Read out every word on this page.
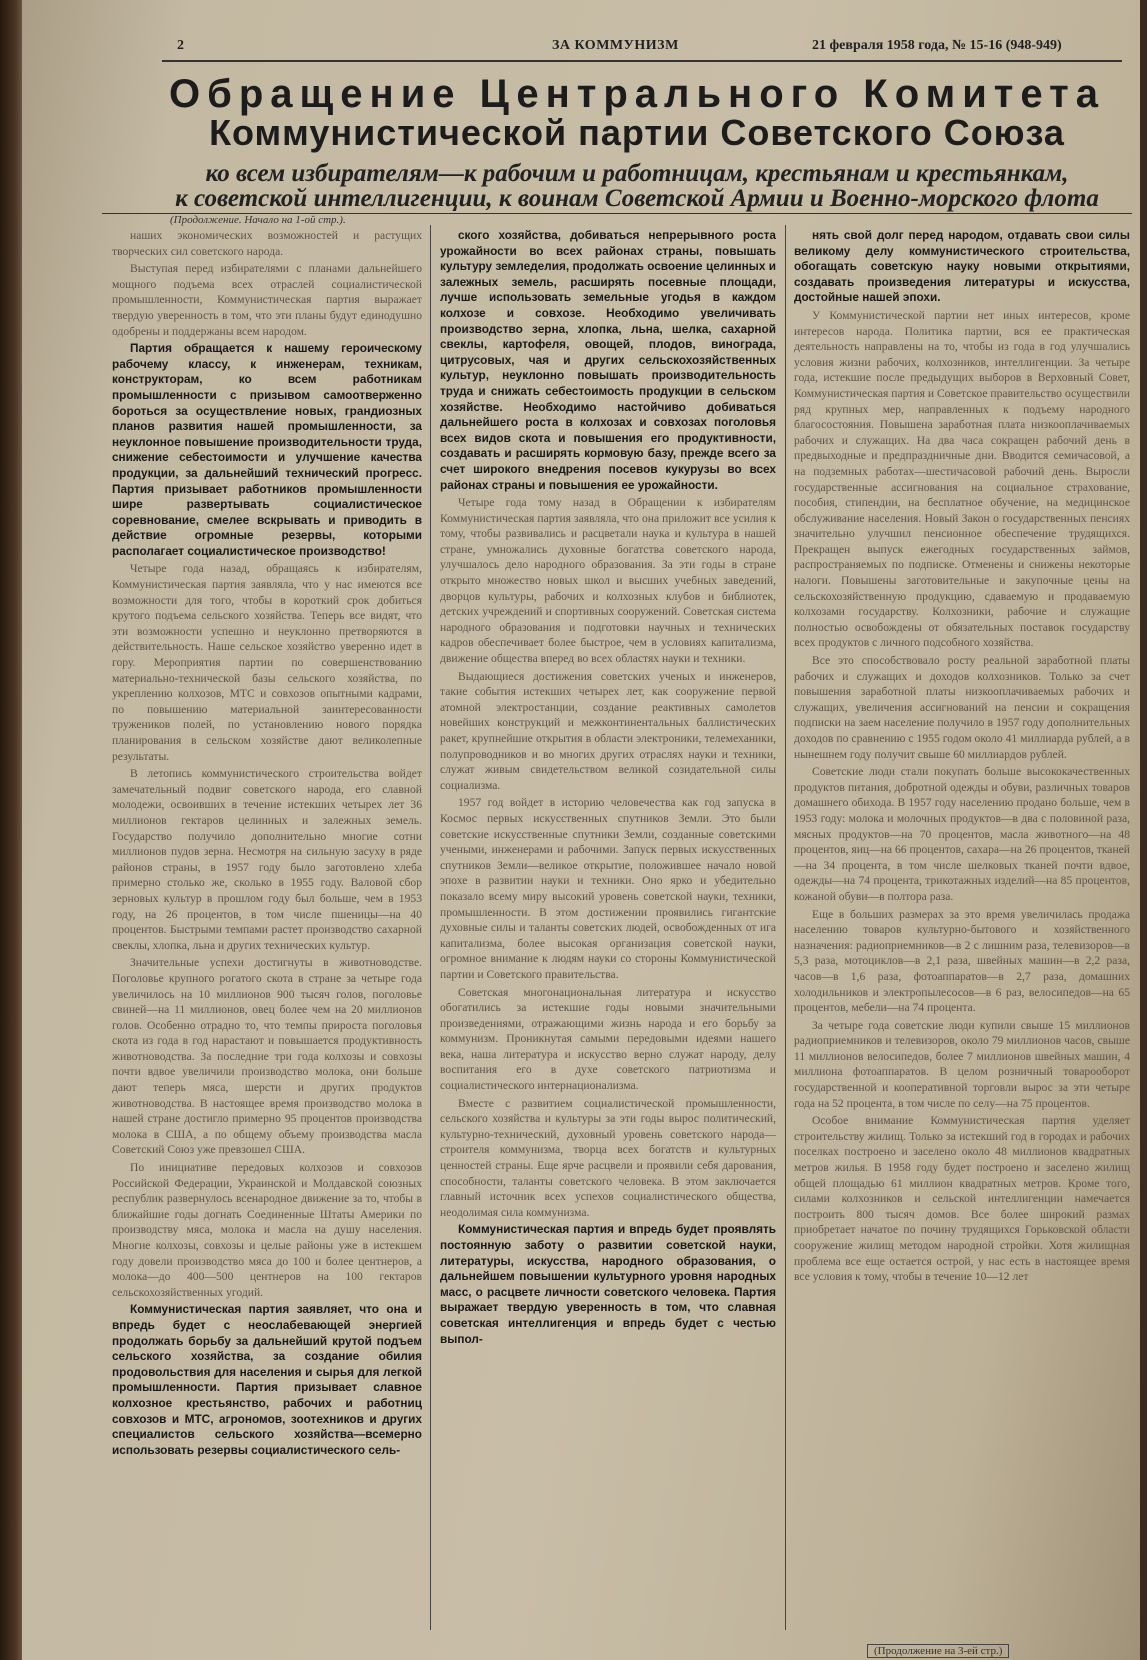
2	ЗА КОММУНИЗМ	21 февраля 1958 года, № 15-16 (948-949)
Обращение Центрального Комитета
Коммунистической партии Советского Союза
ко всем избирателям—к рабочим и работницам, крестьянам и крестьянкам,
к советской интеллигенции, к воинам Советской Армии и Военно-морского флота
(Продолжение. Начало на 1-ой стр.).

наших экономических возможностей и растущих творческих сил советского народа.

Выступая перед избирателями с планами дальнейшего мощного подъема всех отраслей социалистической промышленности, Коммунистическая партия выражает твердую уверенность в том, что эти планы будут единодушно одобрены и поддержаны всем народом.

Партия обращается к нашему героическому рабочему классу, к инженерам, техникам, конструкторам, ко всем работникам промышленности с призывом самоотверженно бороться за осуществление новых, грандиозных планов развития нашей промышленности, за неуклонное повышение производительности труда, снижение себестоимости и улучшение качества продукции, за дальнейший технический прогресс. Партия призывает работников промышленности шире развертывать социалистическое соревнование, смелее вскрывать и приводить в действие огромные резервы, которыми располагает социалистическое производство!

Четыре года назад, обращаясь к избирателям, Коммунистическая партия заявляла, что у нас имеются все возможности для того, чтобы в короткий срок добиться крутого подъема сельского хозяйства. Теперь все видят, что эти возможности успешно и неуклонно претворяются в действительность. Наше сельское хозяйство уверенно идет в гору. Мероприятия партии по совершенствованию материально-технической базы сельского хозяйства, по укреплению колхозов, МТС и совхозов опытными кадрами, по повышению материальной заинтересованности тружеников полей, по установлению нового порядка планирования в сельском хозяйстве дают великолепные результаты.

В летопись коммунистического строительства войдет замечательный подвиг советского народа, его славной молодежи, освоивших в течение истекших четырех лет 36 миллионов гектаров целинных и залежных земель. Государство получило дополнительно многие сотни миллионов пудов зерна. Несмотря на сильную засуху в ряде районов страны, в 1957 году было заготовлено хлеба примерно столько же, сколько в 1955 году. Валовой сбор зерновых культур в прошлом году был больше, чем в 1953 году, на 26 процентов, в том числе пшеницы—на 40 процентов. Быстрыми темпами растет производство сахарной свеклы, хлопка, льна и других технических культур.

Значительные успехи достигнуты в животноводстве. Поголовье крупного рогатого скота в стране за четыре года увеличилось на 10 миллионов 900 тысяч голов, поголовье свиней—на 11 миллионов, овец более чем на 20 миллионов голов. Особенно отрадно то, что темпы прироста поголовья скота из года в год нарастают и повышается продуктивность животноводства. За последние три года колхозы и совхозы почти вдвое увеличили производство молока, они больше дают теперь мяса, шерсти и других продуктов животноводства. В настоящее время производство молока в нашей стране достигло примерно 95 процентов производства молока в США, а по общему объему производства масла Советский Союз уже превзошел США.

По инициативе передовых колхозов и совхозов Российской Федерации, Украинской и Молдавской союзных республик развернулось всенародное движение за то, чтобы в ближайшие годы догнать Соединенные Штаты Америки по производству мяса, молока и масла на душу населения. Многие колхозы, совхозы и целые районы уже в истекшем году довели производство мяса до 100 и более центнеров, а молока—до 400—500 центнеров на 100 гектаров сельскохозяйственных угодий.

Коммунистическая партия заявляет, что она и впредь будет с неослабевающей энергией продолжать борьбу за дальнейший крутой подъем сельского хозяйства, за создание обилия продовольствия для населения и сырья для легкой промышленности. Партия призывает славное колхозное крестьянство, рабочих и работниц совхозов и МТС, агрономов, зоотехников и других специалистов сельского хозяйства—всемерно использовать резервы социалистического сель-

ского хозяйства, добиваться непрерывного роста урожайности во всех районах страны, повышать культуру земледелия, продолжать освоение целинных и залежных земель, расширять посевные площади, лучше использовать земельные угодья в каждом колхозе и совхозе. Необходимо увеличивать производство зерна, хлопка, льна, шелка, сахарной свеклы, картофеля, овощей, плодов, винограда, цитрусовых, чая и других сельскохозяйственных культур, неуклонно повышать производительность труда и снижать себестоимость продукции в сельском хозяйстве. Необходимо настойчиво добиваться дальнейшего роста в колхозах и совхозах поголовья всех видов скота и повышения его продуктивности, создавать и расширять кормовую базу, прежде всего за счет широкого внедрения посевов кукурузы во всех районах страны и повышения ее урожайности.

Четыре года тому назад в Обращении к избирателям Коммунистическая партия заявляла, что она приложит все усилия к тому, чтобы развивались и расцветали наука и культура в нашей стране, умножались духовные богатства советского народа, улучшалось дело народного образования. За эти годы в стране открыто множество новых школ и высших учебных заведений, дворцов культуры, рабочих и колхозных клубов и библиотек, детских учреждений и спортивных сооружений. Советская система народного образования и подготовки научных и технических кадров обеспечивает более быстрое, чем в условиях капитализма, движение общества вперед во всех областях науки и техники.

Выдающиеся достижения советских ученых и инженеров, такие события истекших четырех лет, как сооружение первой атомной электростанции, создание реактивных самолетов новейших конструкций и межконтинентальных баллистических ракет, крупнейшие открытия в области электроники, телемеханики, полупроводников и во многих других отраслях науки и техники, служат живым свидетельством великой созидательной силы социализма.

1957 год войдет в историю человечества как год запуска в Космос первых искусственных спутников Земли. Это были советские искусственные спутники Земли, созданные советскими учеными, инженерами и рабочими. Запуск первых искусственных спутников Земли—великое открытие, положившее начало новой эпохе в развитии науки и техники. Оно ярко и убедительно показало всему миру высокий уровень советской науки, техники, промышленности. В этом достижении проявились гигантские духовные силы и таланты советских людей, освобожденных от ига капитализма, более высокая организация советской науки, огромное внимание к людям науки со стороны Коммунистической партии и Советского правительства.

Советская многонациональная литература и искусство обогатились за истекшие годы новыми значительными произведениями, отражающими жизнь народа и его борьбу за коммунизм. Проникнутая самыми передовыми идеями нашего века, наша литература и искусство верно служат народу, делу воспитания его в духе советского патриотизма и социалистического интернационализма.

Вместе с развитием социалистической промышленности, сельского хозяйства и культуры за эти годы вырос политический, культурно-технический, духовный уровень советского народа—строителя коммунизма, творца всех богатств и культурных ценностей страны. Еще ярче расцвели и проявили себя дарования, способности, таланты советского человека. В этом заключается главный источник всех успехов социалистического общества, неодолимая сила коммунизма.

Коммунистическая партия и впредь будет проявлять постоянную заботу о развитии советской науки, литературы, искусства, народного образования, о дальнейшем повышении культурного уровня народных масс, о расцвете личности советского человека. Партия выражает твердую уверенность в том, что славная советская интеллигенция и впредь будет с честью выпол-

нять свой долг перед народом, отдавать свои силы великому делу коммунистического строительства, обогащать советскую науку новыми открытиями, создавать произведения литературы и искусства, достойные нашей эпохи.

У Коммунистической партии нет иных интересов, кроме интересов народа. Политика партии, вся ее практическая деятельность направлены на то, чтобы из года в год улучшались условия жизни рабочих, колхозников, интеллигенции. За четыре года, истекшие после предыдущих выборов в Верховный Совет, Коммунистическая партия и Советское правительство осуществили ряд крупных мер, направленных к подъему народного благосостояния. Повышена заработная плата низкооплачиваемых рабочих и служащих. На два часа сокращен рабочий день в предвыходные и предпраздничные дни. Вводится семичасовой, а на подземных работах—шестичасовой рабочий день. Выросли государственные ассигнования на социальное страхование, пособия, стипендии, на бесплатное обучение, на медицинское обслуживание населения. Новый Закон о государственных пенсиях значительно улучшил пенсионное обеспечение трудящихся. Прекращен выпуск ежегодных государственных займов, распространяемых по подписке. Отменены и снижены некоторые налоги. Повышены заготовительные и закупочные цены на сельскохозяйственную продукцию, сдаваемую и продаваемую колхозами государству. Колхозники, рабочие и служащие полностью освобождены от обязательных поставок государству всех продуктов с личного подсобного хозяйства.

Все это способствовало росту реальной заработной платы рабочих и служащих и доходов колхозников. Только за счет повышения заработной платы низкооплачиваемых рабочих и служащих, увеличения ассигнований на пенсии и сокращения подписки на заем население получило в 1957 году дополнительных доходов по сравнению с 1955 годом около 41 миллиарда рублей, а в нынешнем году получит свыше 60 миллиардов рублей.

Советские люди стали покупать больше высококачественных продуктов питания, добротной одежды и обуви, различных товаров домашнего обихода. В 1957 году населению продано больше, чем в 1953 году: молока и молочных продуктов—в два с половиной раза, мясных продуктов—на 70 процентов, масла животного—на 48 процентов, яиц—на 66 процентов, сахара—на 26 процентов, тканей—на 34 процента, в том числе шелковых тканей почти вдвое, одежды—на 74 процента, трикотажных изделий—на 85 процентов, кожаной обуви—в полтора раза.

Еще в больших размерах за это время увеличилась продажа населению товаров культурно-бытового и хозяйственного назначения: радиоприемников—в 2 с лишним раза, телевизоров—в 5,3 раза, мотоциклов—в 2,1 раза, швейных машин—в 2,2 раза, часов—в 1,6 раза, фотоаппаратов—в 2,7 раза, домашних холодильников и электропылесосов—в 6 раз, велосипедов—на 65 процентов, мебели—на 74 процента.

За четыре года советские люди купили свыше 15 миллионов радиоприемников и телевизоров, около 79 миллионов часов, свыше 11 миллионов велосипедов, более 7 миллионов швейных машин, 4 миллиона фотоаппаратов. В целом розничный товарооборот государственной и кооперативной торговли вырос за эти четыре года на 52 процента, в том числе по селу—на 75 процентов.

Особое внимание Коммунистическая партия уделяет строительству жилищ. Только за истекший год в городах и рабочих поселках построено и заселено около 48 миллионов квадратных метров жилья. В 1958 году будет построено и заселено жилищ общей площадью 61 миллион квадратных метров. Кроме того, силами колхозников и сельской интеллигенции намечается построить 800 тысяч домов. Все более широкий размах приобретает начатое по почину трудящихся Горьковской области сооружение жилищ методом народной стройки. Хотя жилищная проблема все еще остается острой, у нас есть в настоящее время все условия к тому, чтобы в течение 10—12 лет

(Продолжение на 3-ей стр.)
